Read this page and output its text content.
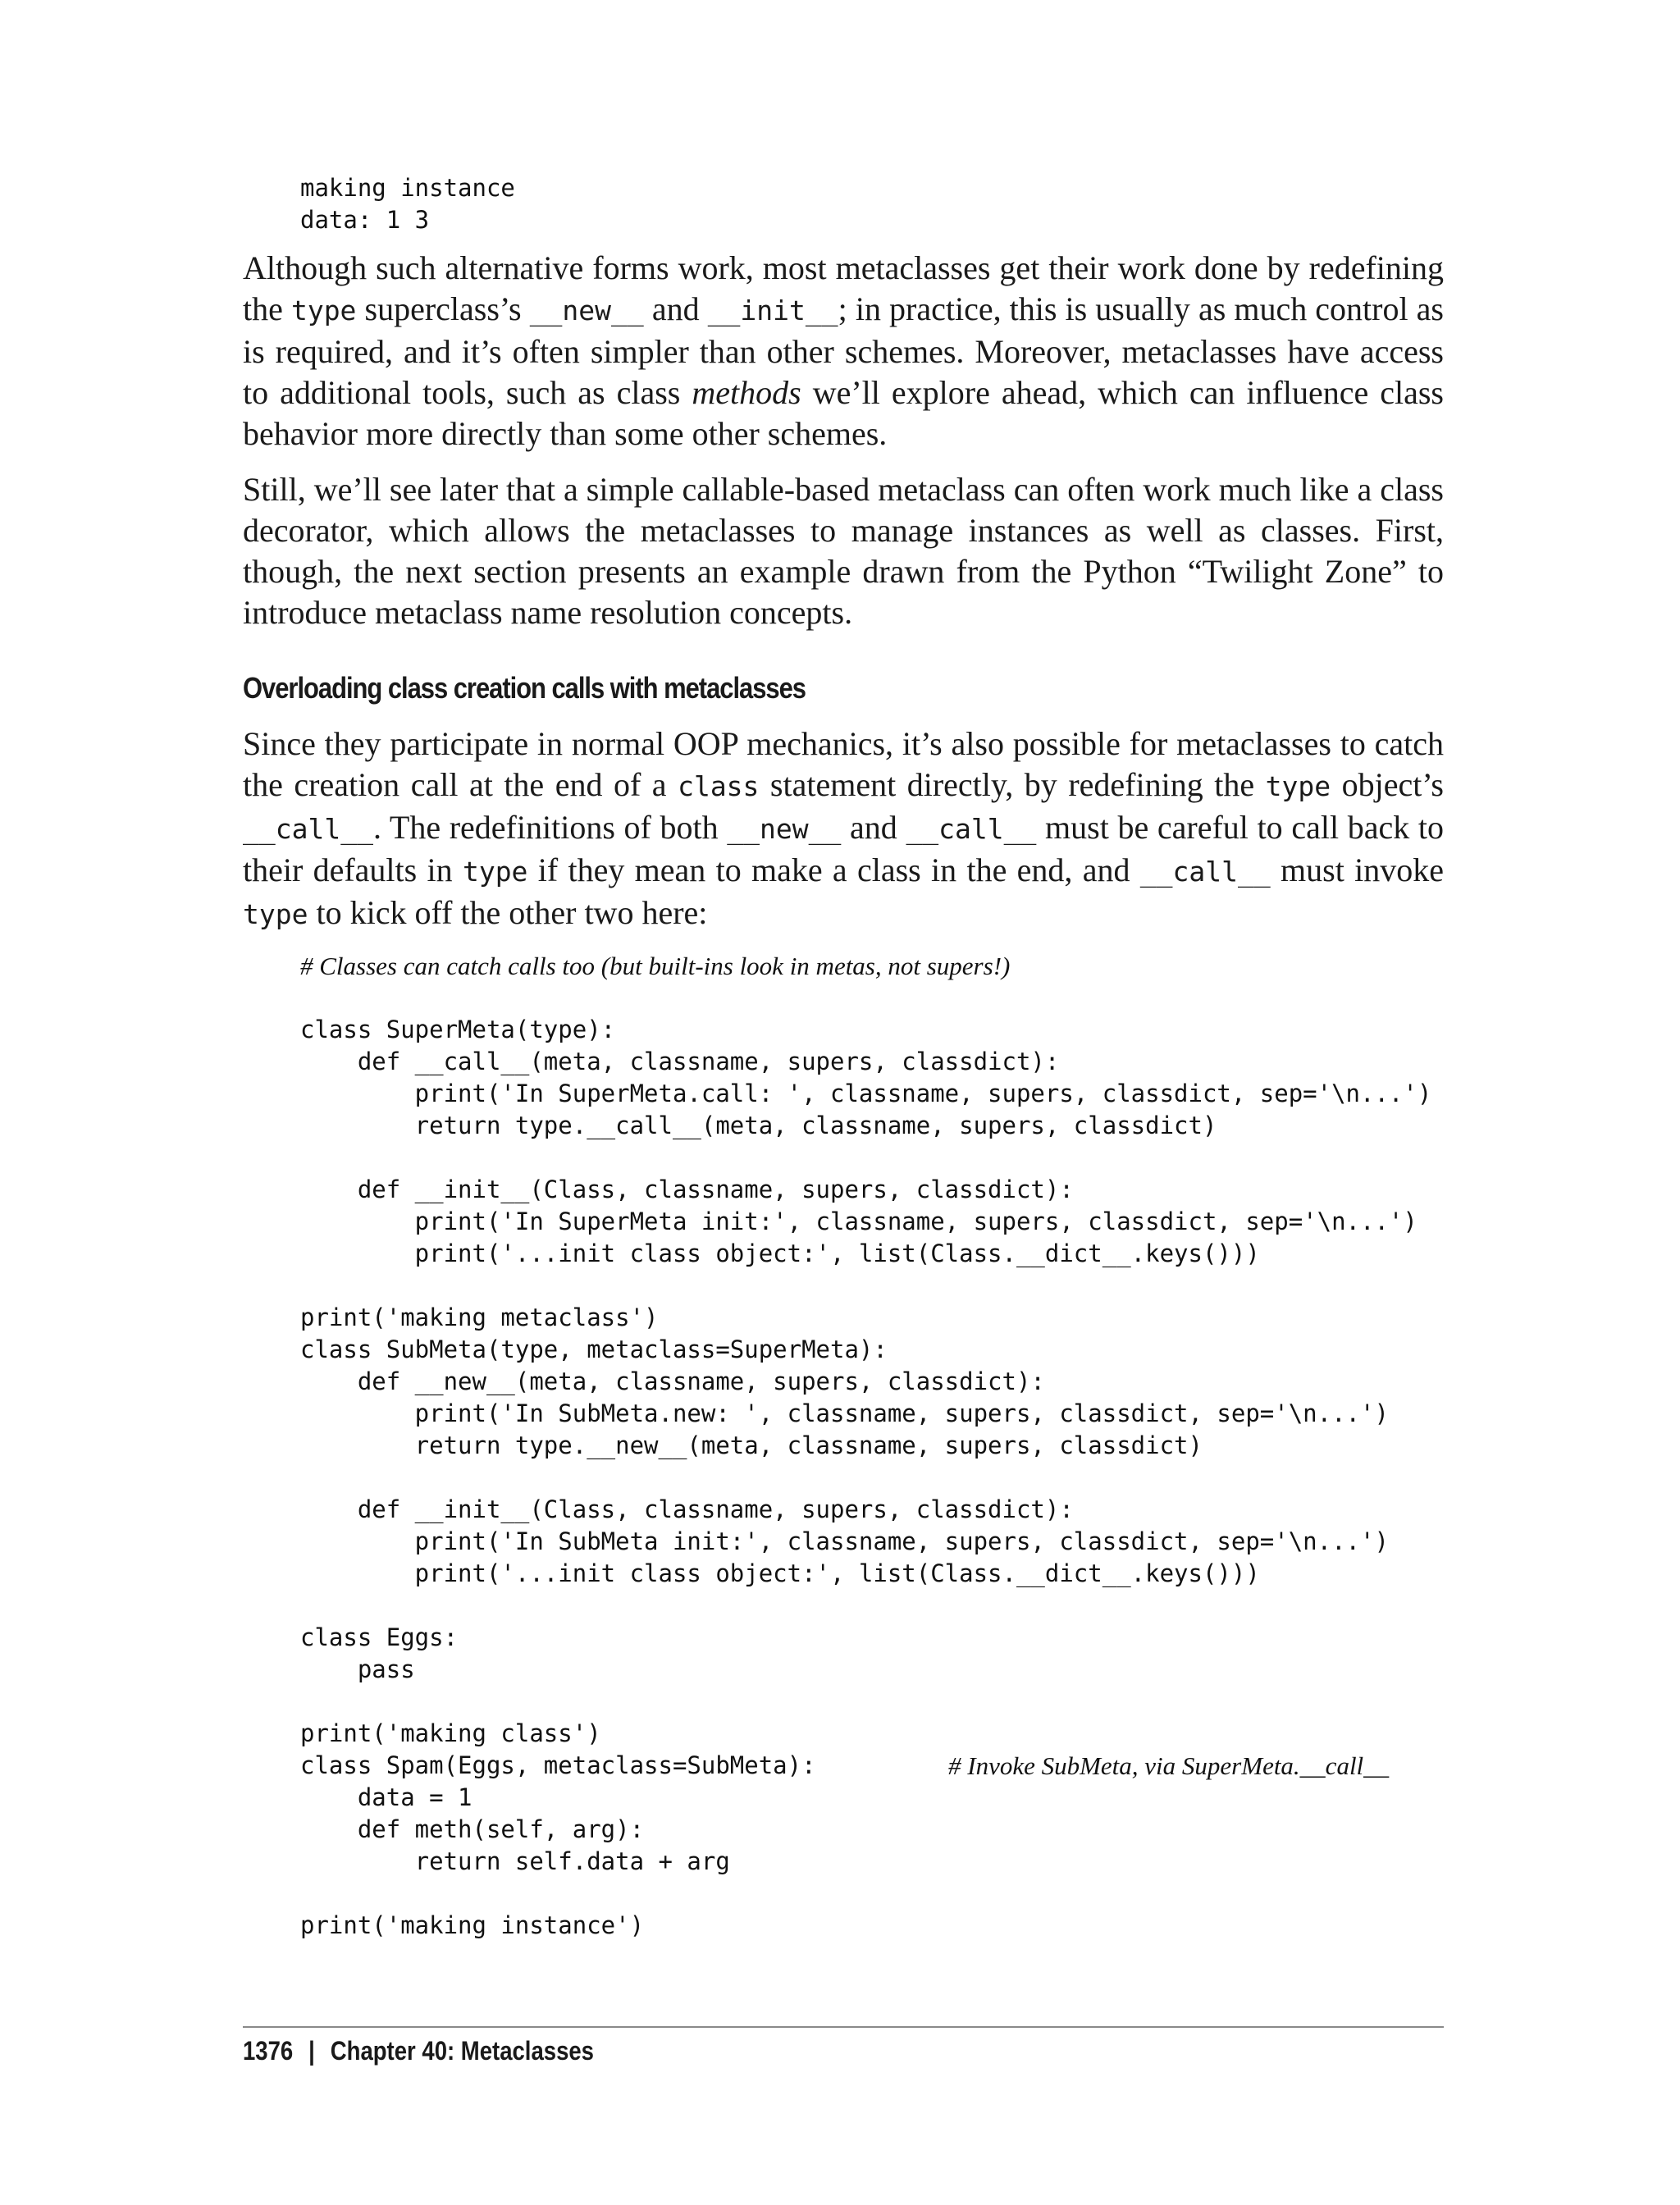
making instance
data: 1 3

Although such alternative forms work, most metaclasses get their work done by redefining the type superclass’s __new__ and __init__; in practice, this is usually as much control as is required, and it’s often simpler than other schemes. Moreover, metaclasses have access to additional tools, such as class methods we’ll explore ahead, which can influence class behavior more directly than some other schemes.

Still, we’ll see later that a simple callable-based metaclass can often work much like a class decorator, which allows the metaclasses to manage instances as well as classes. First, though, the next section presents an example drawn from the Python “Twilight Zone” to introduce metaclass name resolution concepts.

Overloading class creation calls with metaclasses

Since they participate in normal OOP mechanics, it’s also possible for metaclasses to catch the creation call at the end of a class statement directly, by redefining the type object’s __call__. The redefinitions of both __new__ and __call__ must be careful to call back to their defaults in type if they mean to make a class in the end, and __call__ must invoke type to kick off the other two here:

# Classes can catch calls too (but built-ins look in metas, not supers!)
class SuperMeta(type):
def __call__(meta, classname, supers, classdict):
print('In SuperMeta.call: ', classname, supers, classdict, sep='\n...')
return type.__call__(meta, classname, supers, classdict)
def __init__(Class, classname, supers, classdict):
print('In SuperMeta init:', classname, supers, classdict, sep='\n...')
print('...init class object:', list(Class.__dict__.keys()))
print('making metaclass')
class SubMeta(type, metaclass=SuperMeta):
def __new__(meta, classname, supers, classdict):
print('In SubMeta.new: ', classname, supers, classdict, sep='\n...')
return type.__new__(meta, classname, supers, classdict)
def __init__(Class, classname, supers, classdict):
print('In SubMeta init:', classname, supers, classdict, sep='\n...')
print('...init class object:', list(Class.__dict__.keys()))
class Eggs:
pass
print('making class')
class Spam(Eggs, metaclass=SubMeta):	# Invoke SubMeta, via SuperMeta.__call__
data = 1
def meth(self, arg):
return self.data + arg
print('making instance')
1376 | Chapter 40: Metaclasses
